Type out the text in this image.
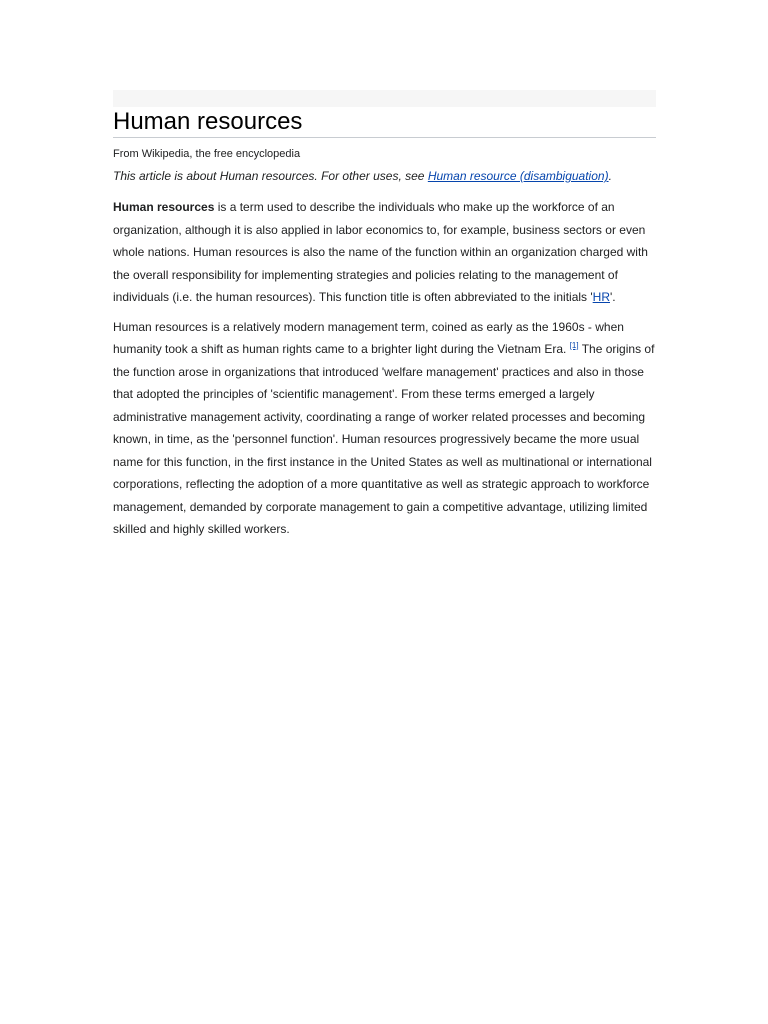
Human resources
From Wikipedia, the free encyclopedia
This article is about Human resources. For other uses, see Human resource (disambiguation).

Human resources is a term used to describe the individuals who make up the workforce of an organization, although it is also applied in labor economics to, for example, business sectors or even whole nations. Human resources is also the name of the function within an organization charged with the overall responsibility for implementing strategies and policies relating to the management of individuals (i.e. the human resources). This function title is often abbreviated to the initials 'HR'.

Human resources is a relatively modern management term, coined as early as the 1960s - when humanity took a shift as human rights came to a brighter light during the Vietnam Era. [1] The origins of the function arose in organizations that introduced 'welfare management' practices and also in those that adopted the principles of 'scientific management'. From these terms emerged a largely administrative management activity, coordinating a range of worker related processes and becoming known, in time, as the 'personnel function'. Human resources progressively became the more usual name for this function, in the first instance in the United States as well as multinational or international corporations, reflecting the adoption of a more quantitative as well as strategic approach to workforce management, demanded by corporate management to gain a competitive advantage, utilizing limited skilled and highly skilled workers.
